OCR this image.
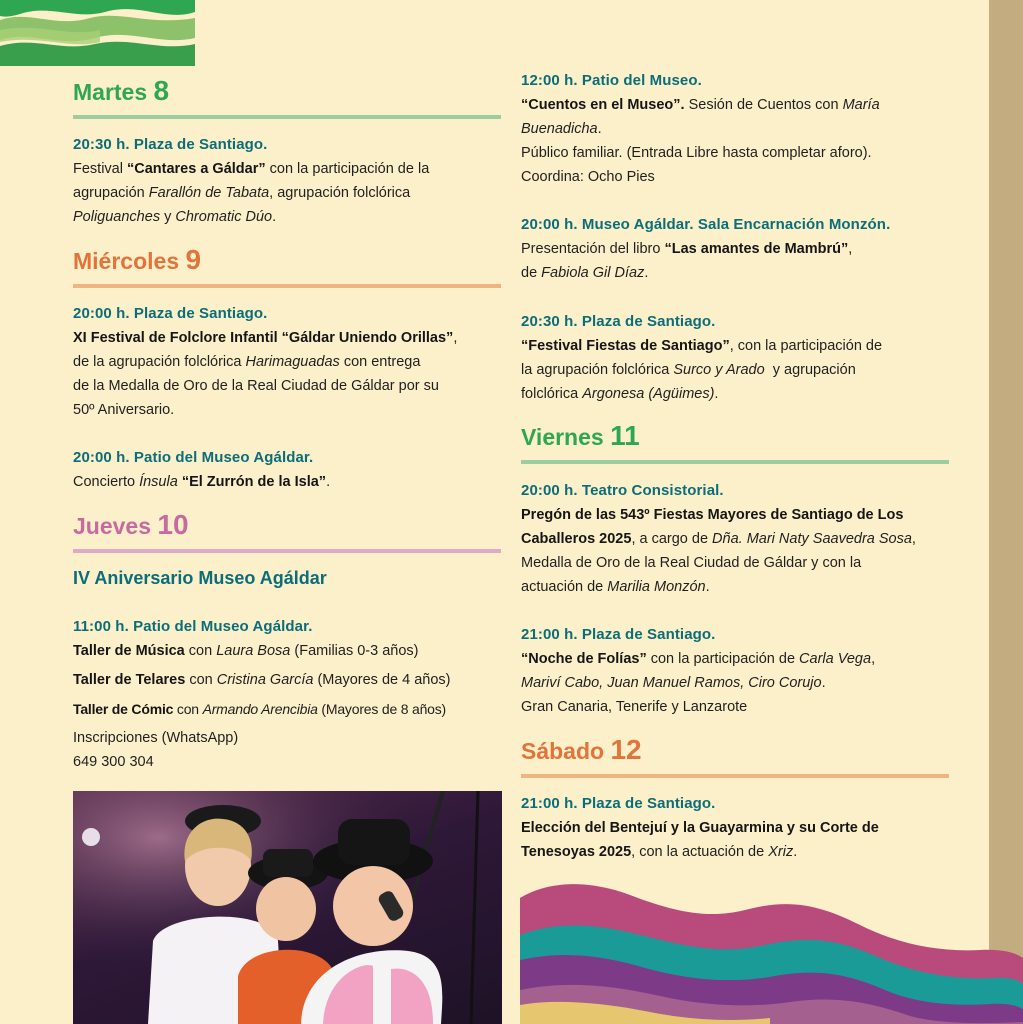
Martes 8

20:30 h. Plaza de Santiago.

Festival “Cantares a Gáldar” con la participación de la

agrupación Farallón de Tabata, agrupación folclórica

Poliguanches y Chromatic Dúo.

Miércoles 9

20:00 h. Plaza de Santiago.

XI Festival de Folclore Infantil “Gáldar Uniendo Orillas”,

de la agrupación folclórica Harimaguadas con entrega

de la Medalla de Oro de la Real Ciudad de Gáldar por su

50º Aniversario.

20:00 h. Patio del Museo Agáldar.

Concierto Ínsula “El Zurrón de la Isla”.

Jueves 10

IV Aniversario Museo Agáldar
11:00 h. Patio del Museo Agáldar.

Taller de Música con Laura Bosa (Familias 0-3 años)

Taller de Telares con Cristina García (Mayores de 4 años)

Taller de Cómic con Armando Arencibia (Mayores de 8 años)

Inscripciones (WhatsApp)

649 300 304

12:00 h. Patio del Museo.

“Cuentos en el Museo”. Sesión de Cuentos con María

Buenadicha.

Público familiar. (Entrada Libre hasta completar aforo).

Coordina: Ocho Pies

20:00 h. Museo Agáldar. Sala Encarnación Monzón.

Presentación del libro “Las amantes de Mambrú”,

de Fabiola Gil Díaz.

20:30 h. Plaza de Santiago.

“Festival Fiestas de Santiago”, con la participación de

la agrupación folclórica Surco y Arado  y agrupación

folclórica Argonesa (Agüimes).

Viernes 11

20:00 h. Teatro Consistorial.

Pregón de las 543º Fiestas Mayores de Santiago de Los

Caballeros 2025, a cargo de Dña. Mari Naty Saavedra Sosa,

Medalla de Oro de la Real Ciudad de Gáldar y con la

actuación de Marilia Monzón.

21:00 h. Plaza de Santiago.

“Noche de Folías” con la participación de Carla Vega,

Mariví Cabo, Juan Manuel Ramos, Ciro Corujo.

Gran Canaria, Tenerife y Lanzarote

Sábado 12

21:00 h. Plaza de Santiago.

Elección del Bentejuí y la Guayarmina y su Corte de

Tenesoyas 2025, con la actuación de Xriz.
